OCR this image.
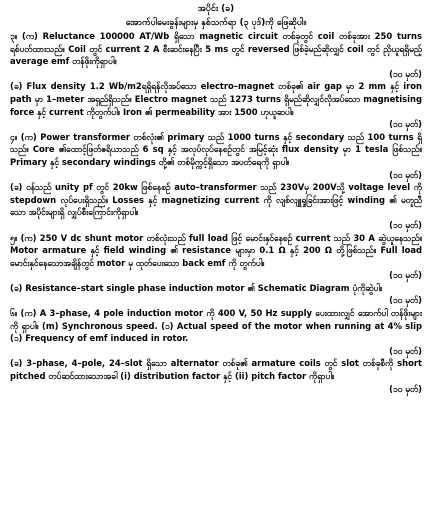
အပိုင်း (ခ)
အောက်ပါမေးခွန်းများမှ နှစ်သက်ရာ (၃ ပုဒ်)ကို ဖြေဆိုပါ။

၃။ (က) Reluctance 100000 AT/Wb ရှိသော magnetic circuit တစ်ခုတွင် coil တစ်ခုအား 250 turns ရစ်ပတ်ထားသည်။ Coil တွင် current 2 A စီးဆင်းနေပြီး 5 ms တွင် reversed ဖြစ်ခဲ့မည်ဆိုလျှင် coil တွင် ညှိယူရရှိမည့် average emf တန်ဖိုးကိုရှာပါ။

(၁၀ မှတ်)

(ခ) Flux density 1.2 Wb/m2ရရှိရန်လိုအပ်သော electro–magnet တစ်ခု၏ air gap မှာ 2 mm နှင့် iron path မှာ 1–meter အရှည်ရှိသည်။ Electro magnet သည် 1273 turns ရှိမည်ဆိုလျှင်လိုအပ်သော magnetising force နှင့် current ကိုတွက်ပါ။ Iron ၏ permeability အား 1500 ဟုယူဆပါ။

(၁၀ မှတ်)

၄။ (က) Power transformer တစ်လုံး၏ primary သည် 1000 turns နှင့် secondary သည် 100 turns ရှိသည်။ Core ၏ထောင့်ဖြတ်ဧရိယာသည် 6 sq နှင့် အလုပ်လုပ်နေစဉ်တွင် အမြင့်ဆုံး flux density မှာ 1 tesla ဖြစ်သည်။ Primary နှင့် secondary windings တို့၏ တစ်မိုက္ကင့်ရှိသော အပတ်ရေကို ရှာပါ။

(၁၀ မှတ်)

(ခ) ဝန်သည် unity pf တွင် 20kw ဖြစ်နေစဉ် auto–transformer သည် 230Vမှ 200Vသို့ voltage level ကို stepdown လုပ်ပေးရှိသည်။ Losses နှင့် magnetizing current ကို လျစ်လျူရှုခြင်းအားဖြင့် winding ၏ မတူညီသော အပိုင်းများရှိ လျှပ်စီးကြောင်းကိုရှာပါ။

(၁၀ မှတ်)

၅။ (က) 250 V dc shunt motor တစ်လုံးသည် full load ဖြင့် မောင်းနှင်နေစဉ် current သည် 30 A ဆွဲယူနေသည်။ Motor armature နှင့် field winding ၏ resistance များမှာ 0.1 Ω နှင့် 200 Ω တို့ဖြစ်သည်။ Full load မောင်းနှင်နေသောအချိန်တွင် motor မှ ထုတ်ပေးသော back emf ကို တွက်ပါ။

(၁၀ မှတ်)

(ခ) Resistance–start single phase induction motor ၏ Schematic Diagram ပုံကိုဆွဲပါ။

(၁၀ မှတ်)

၆။ (က) A 3–phase, 4 pole induction motor ကို 400 V, 50 Hz supply ပေးထားလျှင် အောက်ပါ တန်ဖိုးများကို ရှာပါ။ (m) Synchronous speed. (၁) Actual speed of the motor when running at 4% slip (၁) Frequency of emf induced in rotor.

(၁၀ မှတ်)

(ခ) 3–phase, 4–pole, 24–slot ရှိသော alternator တစ်ခု၏ armature coils တွင် slot တစ်ခုစီကို short pitched တပ်ဆင်ထားသောအခါ (i) distribution factor နှင့် (ii) pitch factor ကိုရှာပါ။

(၁၀ မှတ်)
